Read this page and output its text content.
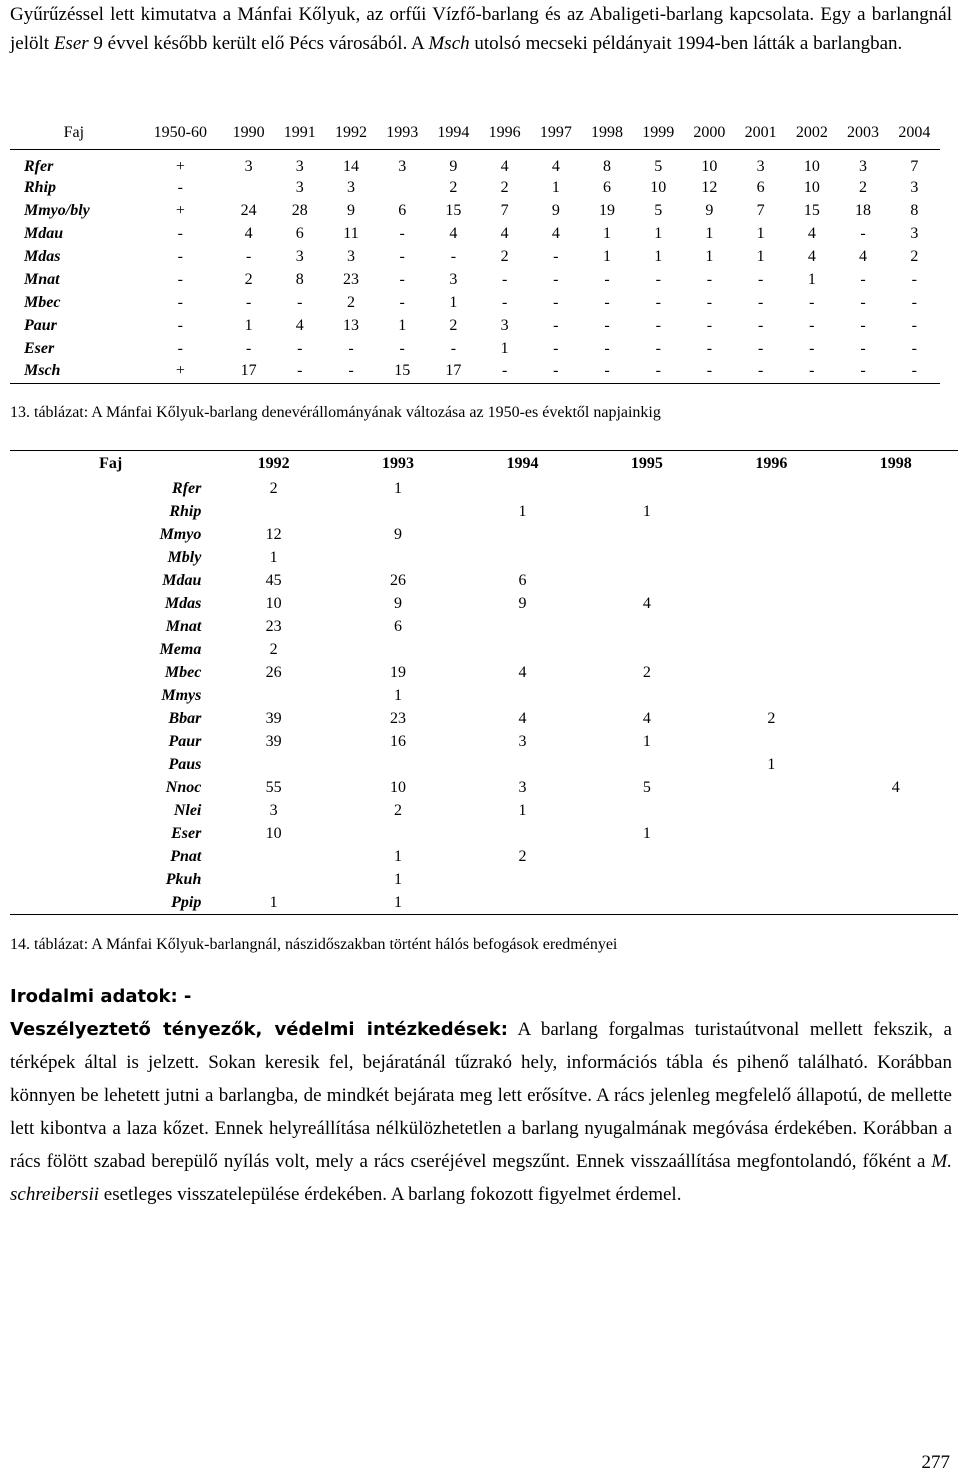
Gyűrűzéssel lett kimutatva a Mánfai Kőlyuk, az orfűi Vízfő-barlang és az Abaligeti-barlang kapcsolata. Egy a barlangnál jelölt Eser 9 évvel később került elő Pécs városából. A Msch utolsó mecseki példányait 1994-ben látták a barlangban.
Faj	1950-60	1990	1991	1992	1993	1994	1996	1997	1998	1999	2000	2001	2002	2003	2004
Rfer	+	3	3	14	3	9	4	4	8	5	10	3	10	3	7
Rhip	-		3	3		2	2	1	6	10	12	6	10	2	3
Mmyo/bly	+	24	28	9	6	15	7	9	19	5	9	7	15	18	8
Mdau	-	4	6	11	-	4	4	4	1	1	1	1	4	-	3
Mdas	-	-	3	3	-	-	2	-	1	1	1	1	4	4	2
Mnat	-	2	8	23	-	3	-	-	-	-	-	-	1	-	-
Mbec	-	-	-	2	-	1	-	-	-	-	-	-	-	-	-
Paur	-	1	4	13	1	2	3	-	-	-	-	-	-	-	-
Eser	-	-	-	-	-	-	1	-	-	-	-	-	-	-	-
Msch	+	17	-	-	15	17	-	-	-	-	-	-	-	-	-
13. táblázat: A Mánfai Kőlyuk-barlang denevérállományának változása az 1950-es évektől napjainkig
Faj	1992	1993	1994	1995	1996	1998
Rfer	2	1				
Rhip			1	1		
Mmyo	12	9				
Mbly	1					
Mdau	45	26	6			
Mdas	10	9	9	4		
Mnat	23	6				
Mema	2					
Mbec	26	19	4	2		
Mmys		1				
Bbar	39	23	4	4	2	
Paur	39	16	3	1		
Paus					1	
Nnoc	55	10	3	5		4
Nlei	3	2	1			
Eser	10			1		
Pnat		1	2			
Pkuh		1				
Ppip	1	1				
14. táblázat: A Mánfai Kőlyuk-barlangnál, nászidőszakban történt hálós befogások eredményei
Irodalmi adatok: -
Veszélyeztető tényezők, védelmi intézkedések: A barlang forgalmas turistaútvonal mellett fekszik, a térképek által is jelzett. Sokan keresik fel, bejáratánál tűzrakó hely, információs tábla és pihenő található. Korábban könnyen be lehetett jutni a barlangba, de mindkét bejárata meg lett erősítve. A rács jelenleg megfelelő állapotú, de mellette lett kibontva a laza kőzet. Ennek helyreállítása nélkülözhetetlen a barlang nyugalmának megóvása érdekében. Korábban a rács fölött szabad berepülő nyílás volt, mely a rács cseréjével megszűnt. Ennek visszaállítása megfontolandó, főként a M. schreibersii esetleges visszatelepülése érdekében. A barlang fokozott figyelmet érdemel.
277
